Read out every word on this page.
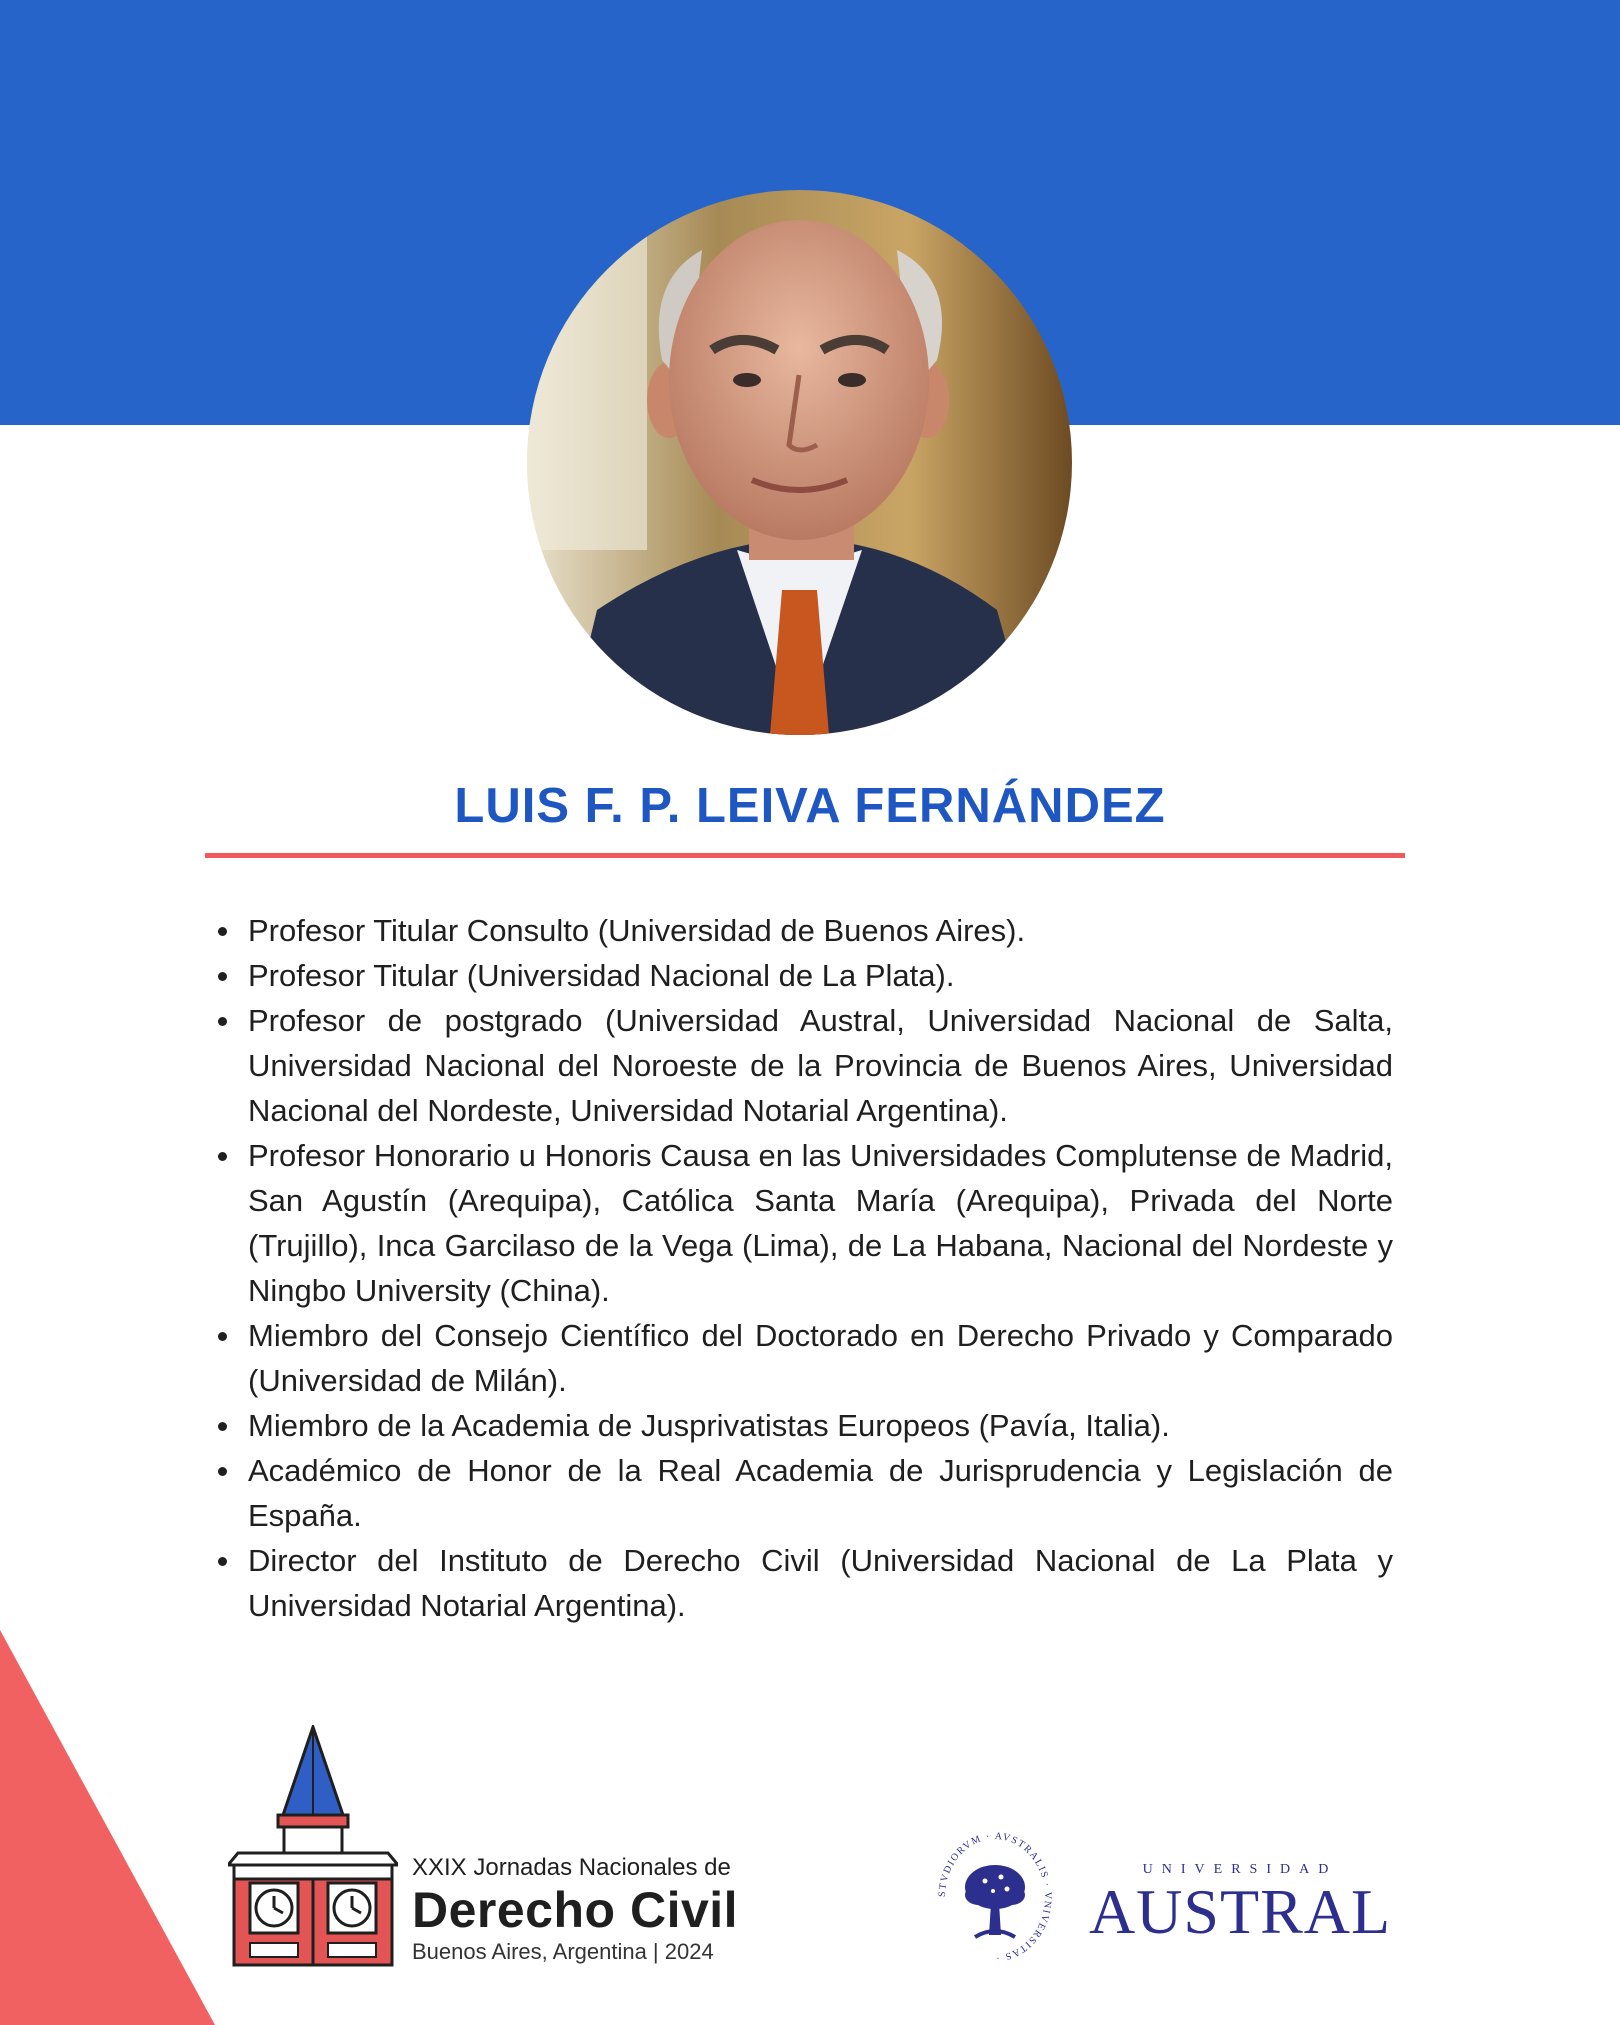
LUIS F. P. LEIVA FERNÁNDEZ
Profesor Titular Consulto (Universidad de Buenos Aires).
Profesor Titular (Universidad Nacional de La Plata).
Profesor de postgrado (Universidad Austral, Universidad Nacional de Salta, Universidad Nacional del Noroeste de la Provincia de Buenos Aires, Universidad Nacional del Nordeste, Universidad Notarial Argentina).
Profesor Honorario u Honoris Causa en las Universidades Complutense de Madrid, San Agustín (Arequipa), Católica Santa María (Arequipa), Privada del Norte (Trujillo), Inca Garcilaso de la Vega (Lima), de La Habana, Nacional del Nordeste y Ningbo University (China).
Miembro del Consejo Científico del Doctorado en Derecho Privado y Comparado (Universidad de Milán).
Miembro de la Academia de Jusprivatistas Europeos (Pavía, Italia).
Académico de Honor de la Real Academia de Jurisprudencia y Legislación de España.
Director del Instituto de Derecho Civil (Universidad Nacional de La Plata y Universidad Notarial Argentina).
XXIX Jornadas Nacionales de
Derecho Civil
Buenos Aires, Argentina | 2024
STVDIORVM · AVSTRALIS · VNIVERSITAS ·
UNIVERSIDAD
AUSTRAL
